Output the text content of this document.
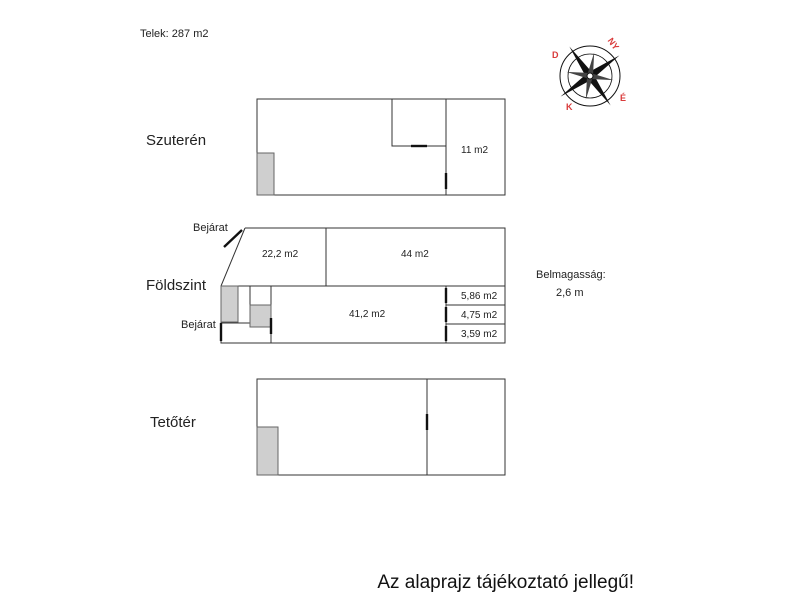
Telek: 287 m2
D
NY
É
K
Szuterén
11 m2
Földszint
Bejárat
Bejárat
22,2 m2	44 m2
41,2 m2
5,86 m2
4,75 m2
3,59 m2
Belmagasság:
2,6 m
Tetőtér
Az alaprajz tájékoztató jellegű!
